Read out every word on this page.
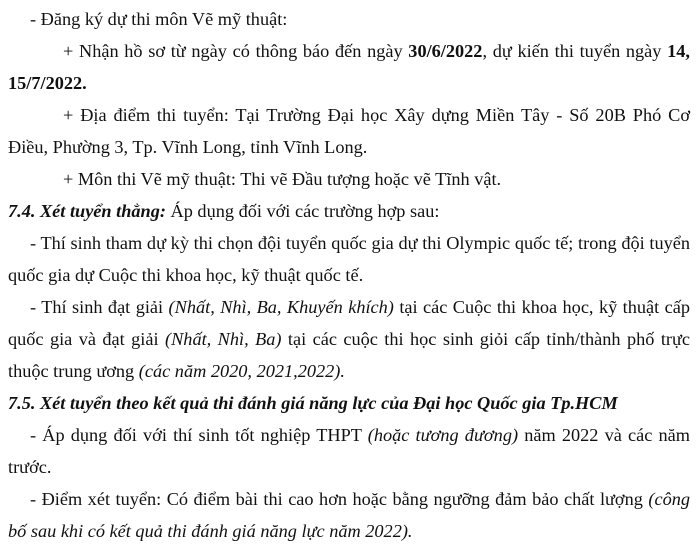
- Đăng ký dự thi môn Vẽ mỹ thuật:

+ Nhận hồ sơ từ ngày có thông báo đến ngày 30/6/2022, dự kiến thi tuyển ngày 14, 15/7/2022.

+ Địa điểm thi tuyển: Tại Trường Đại học Xây dựng Miền Tây - Số 20B Phó Cơ Điều, Phường 3, Tp. Vĩnh Long, tỉnh Vĩnh Long.

+ Môn thi Vẽ mỹ thuật: Thi vẽ Đầu tượng hoặc vẽ Tĩnh vật.

7.4. Xét tuyển thẳng: Áp dụng đối với các trường hợp sau:

- Thí sinh tham dự kỳ thi chọn đội tuyển quốc gia dự thi Olympic quốc tế; trong đội tuyển quốc gia dự Cuộc thi khoa học, kỹ thuật quốc tế.

- Thí sinh đạt giải (Nhất, Nhì, Ba, Khuyến khích) tại các Cuộc thi khoa học, kỹ thuật cấp quốc gia và đạt giải (Nhất, Nhì, Ba) tại các cuộc thi học sinh giỏi cấp tỉnh/thành phố trực thuộc trung ương (các năm 2020, 2021,2022).

7.5. Xét tuyển theo kết quả thi đánh giá năng lực của Đại học Quốc gia Tp.HCM

- Áp dụng đối với thí sinh tốt nghiệp THPT (hoặc tương đương) năm 2022 và các năm trước.

- Điểm xét tuyển: Có điểm bài thi cao hơn hoặc bằng ngưỡng đảm bảo chất lượng (công bố sau khi có kết quả thi đánh giá năng lực năm 2022).
